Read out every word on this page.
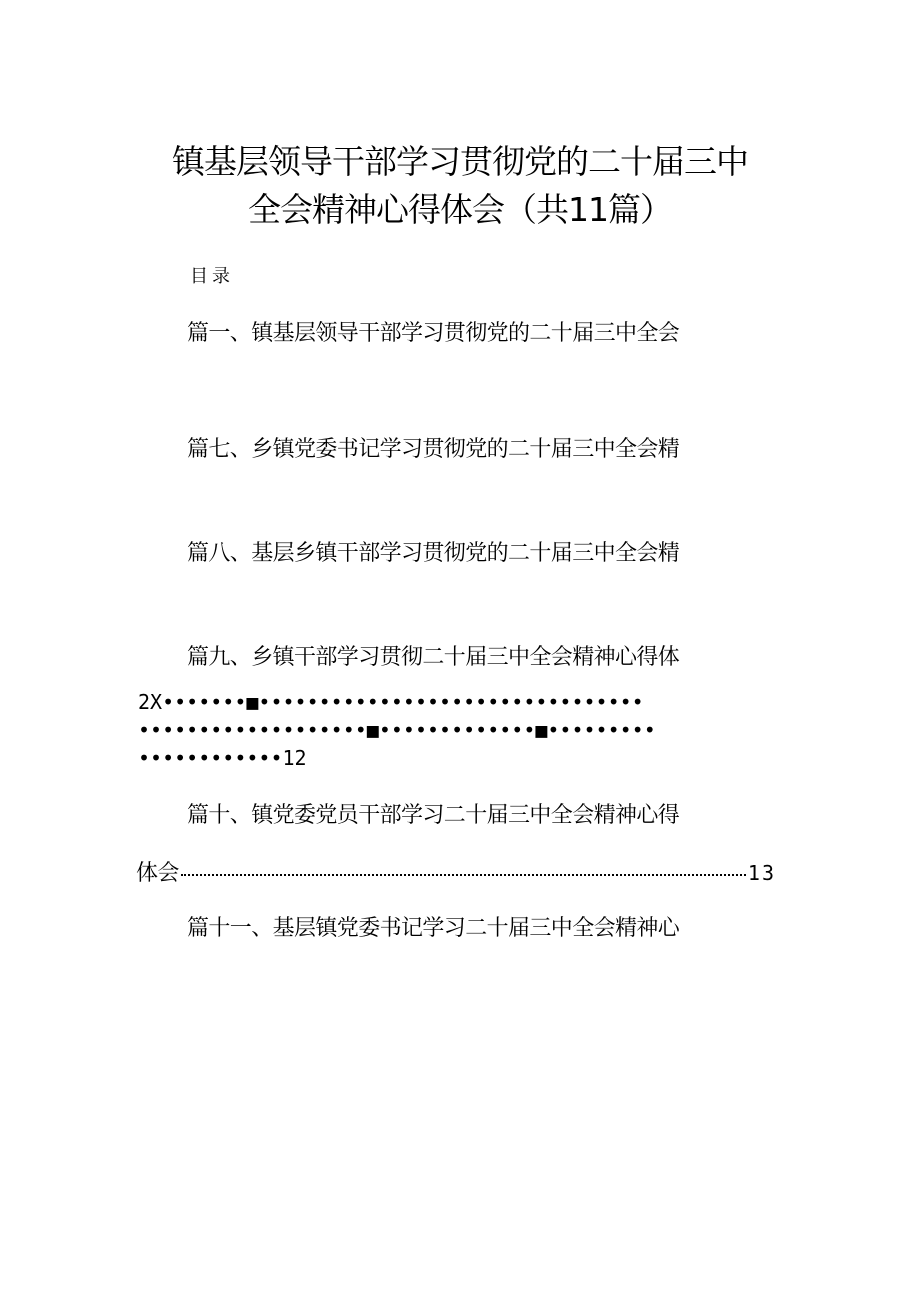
镇基层领导干部学习贯彻党的二十届三中
全会精神心得体会（共11篇）
目录
篇一、镇基层领导干部学习贯彻党的二十届三中全会
篇七、乡镇党委书记学习贯彻党的二十届三中全会精
篇八、基层乡镇干部学习贯彻党的二十届三中全会精
篇九、乡镇干部学习贯彻二十届三中全会精神心得体
2X•••••••■••••••••••••••••••••••••••••••••
•••••••••••••••••••■•••••••••••••■•••••••••
••••••••••••12
篇十、镇党委党员干部学习二十届三中全会精神心得
体会	13
篇十一、基层镇党委书记学习二十届三中全会精神心
